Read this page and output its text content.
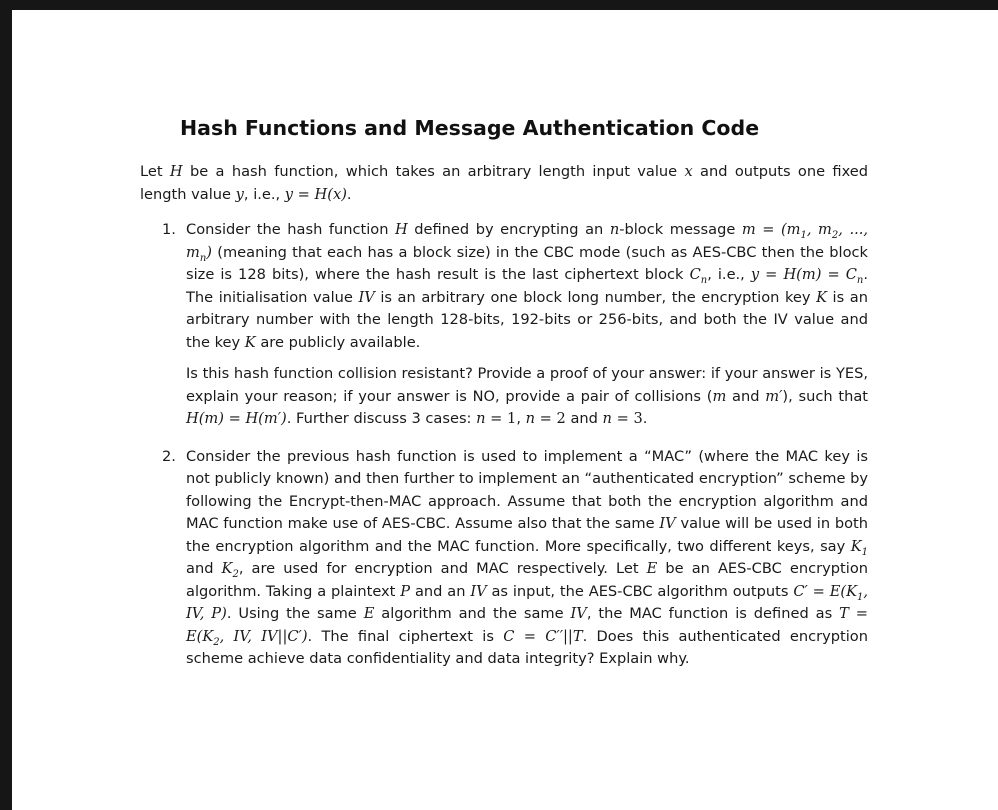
Hash Functions and Message Authentication Code

Let H be a hash function, which takes an arbitrary length input value x and outputs one fixed length value y, i.e., y = H(x).

1. Consider the hash function H defined by encrypting an n-block message $m = (m_1$, $m_2$, ..., $m_n$) (meaning that each has a block size) in the CBC mode (such as AES-CBC then the block size is 128 bits), where the hash result is the last ciphertext block $C_n$, i.e., $y = H(m) = C_n$. The initialisation value IV is an arbitrary one block long number, the encryption key K is an arbitrary number with the length 128-bits, 192-bits or 256-bits, and both the IV value and the key K are publicly available.

Is this hash function collision resistant? Provide a proof of your answer: if your answer is YES, explain your reason; if your answer is NO, provide a pair of collisions (m and m′), such that H(m) = H(m′). Further discuss 3 cases: n = 1, n = 2 and n = 3.

2. Consider the previous hash function is used to implement a “MAC” (where the MAC key is not publicly known) and then further to implement an “authenticated encryption” scheme by following the Encrypt-then-MAC approach. Assume that both the encryption algorithm and MAC function make use of AES-CBC. Assume also that the same IV value will be used in both the encryption algorithm and the MAC function. More specifically, two different keys, say $K_1$ and $K_2$, are used for encryption and MAC respectively. Let E be an AES-CBC encryption algorithm. Taking a plaintext P and an IV as input, the AES-CBC algorithm outputs $C' = E(K_1$, IV, P). Using the same E algorithm and the same IV, the MAC function is defined as $T = E(K_2$, IV, IV||C′). The final ciphertext is C = C′′||T. Does this authenticated encryption scheme achieve data confidentiality and data integrity? Explain why.
